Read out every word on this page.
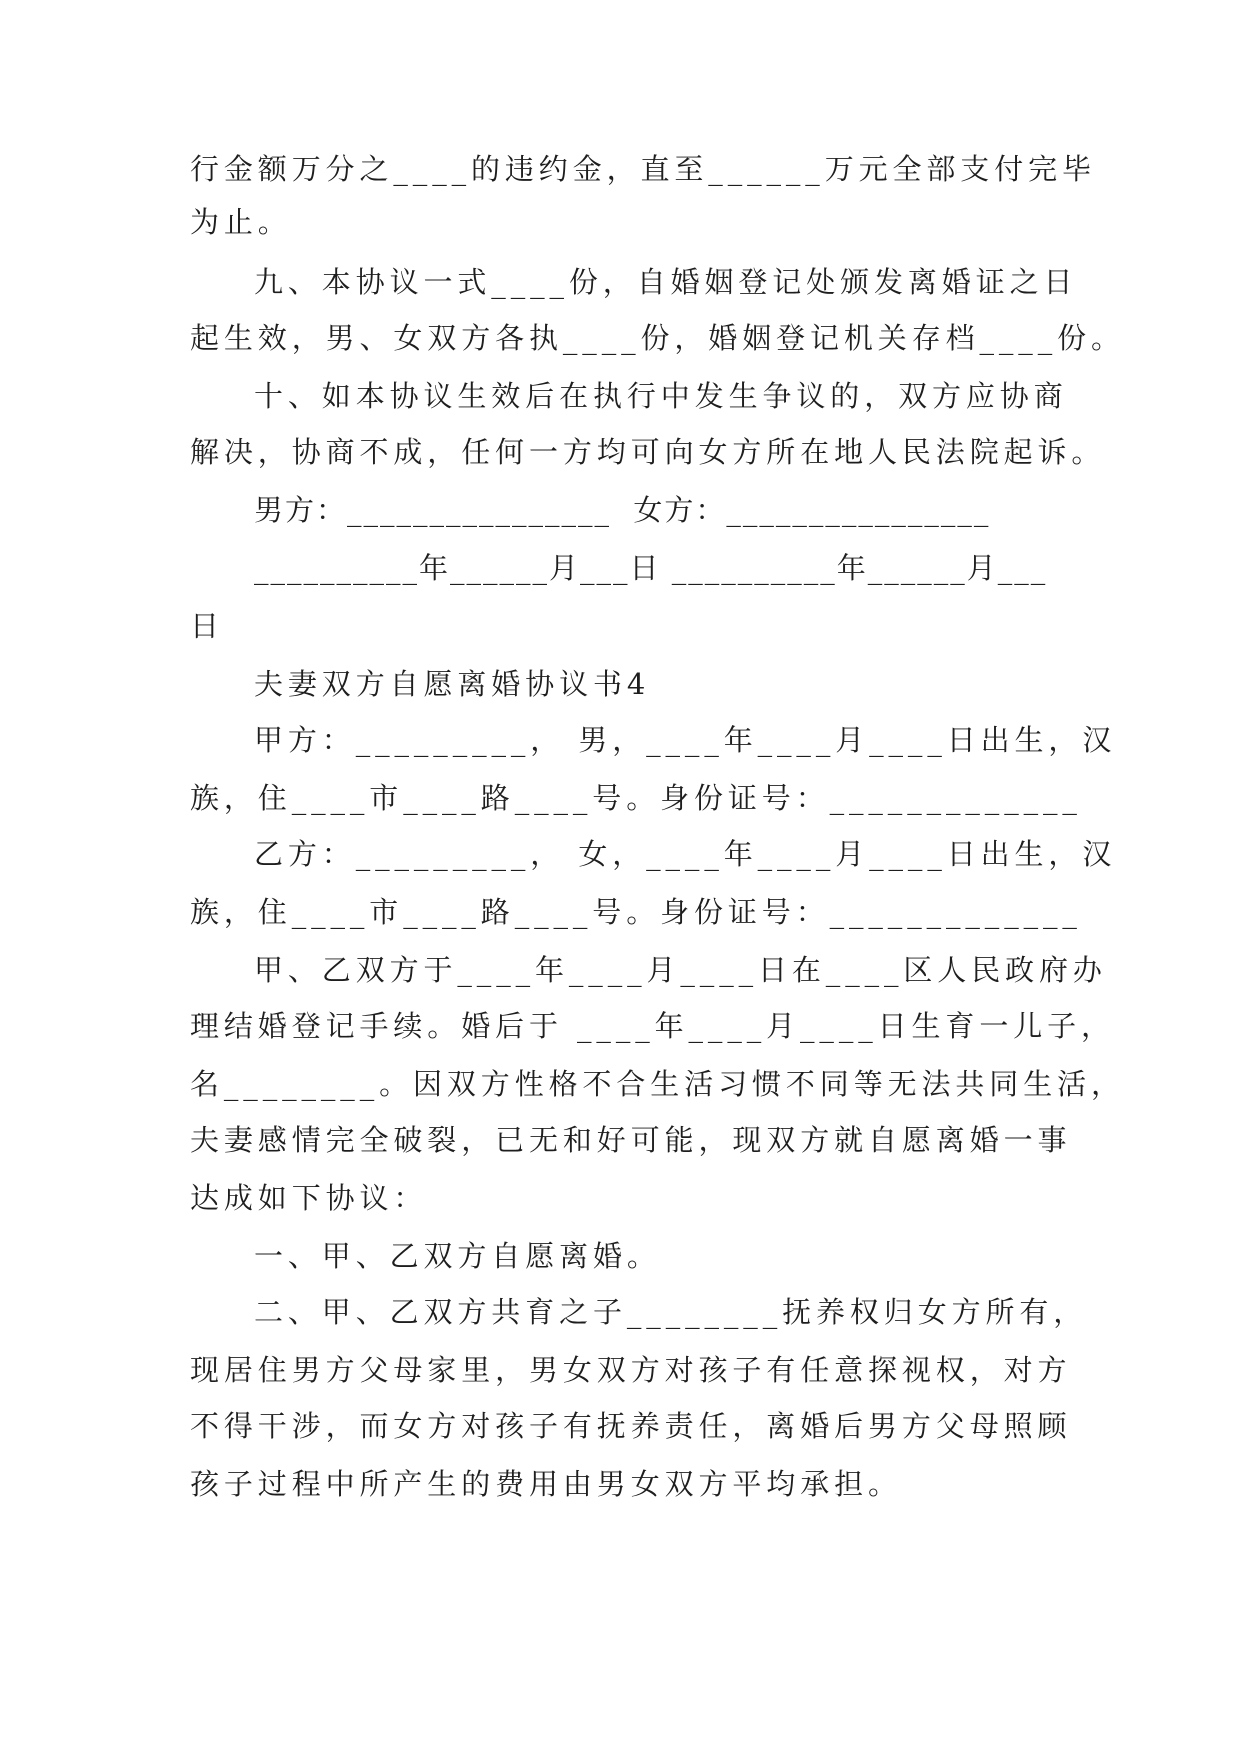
行金额万分之____的违约金，直至______万元全部支付完毕
为止。
九、本协议一式____份，自婚姻登记处颁发离婚证之日
起生效，男、女双方各执____份，婚姻登记机关存档____份。
十、如本协议生效后在执行中发生争议的，双方应协商
解决，协商不成，任何一方均可向女方所在地人民法院起诉。
男方：________________  女方：________________
__________年______月___日 __________年______月___
日
夫妻双方自愿离婚协议书4
甲方：_________， 男，____年____月____日出生，汉
族，住____市____路____号。身份证号：_____________
乙方：_________， 女，____年____月____日出生，汉
族，住____市____路____号。身份证号：_____________
甲、乙双方于____年____月____日在____区人民政府办
理结婚登记手续。婚后于 ____年____月____日生育一儿子，
名________。因双方性格不合生活习惯不同等无法共同生活，
夫妻感情完全破裂，已无和好可能，现双方就自愿离婚一事
达成如下协议：
一、甲、乙双方自愿离婚。
二、甲、乙双方共育之子________抚养权归女方所有，
现居住男方父母家里，男女双方对孩子有任意探视权，对方
不得干涉，而女方对孩子有抚养责任，离婚后男方父母照顾
孩子过程中所产生的费用由男女双方平均承担。
